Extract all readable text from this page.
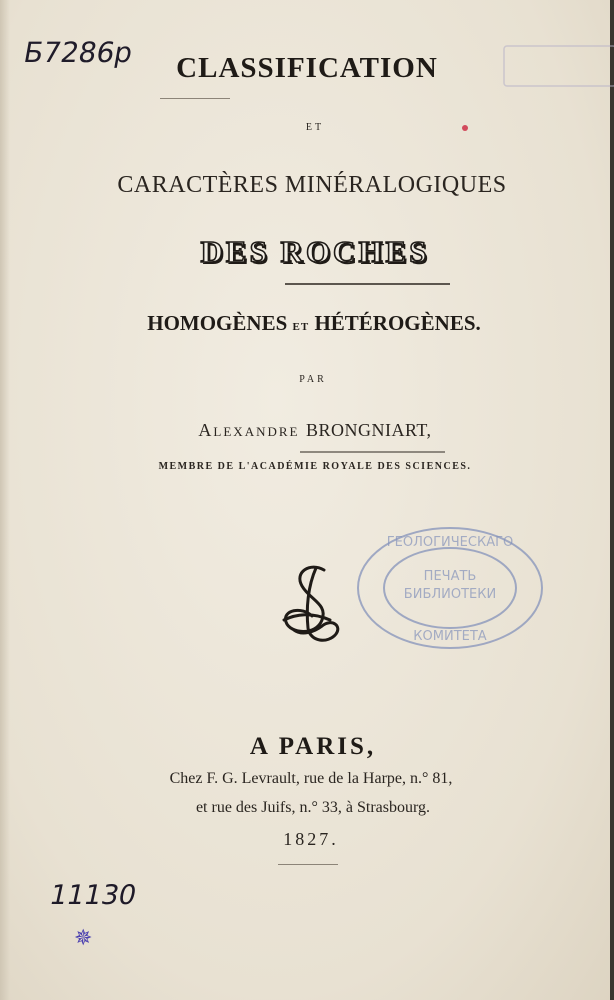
Б7286р	CLASSIFICATION
ET
CARACTÈRES MINÉRALOGIQUES
DES ROCHES
HOMOGÈNES ET HÉTÉROGÈNES.
PAR
Alexandre BRONGNIART,
MEMBRE DE L'ACADÉMIE ROYALE DES SCIENCES.
ГЕОЛОГИЧЕСКАГО
ПЕЧАТЬ
БИБЛИОТЕКИ
КОМИТЕТА
A PARIS,
Chez F. G. Levrault, rue de la Harpe, n.° 81,
et rue des Juifs, n.° 33, à Strasbourg.
1827.
11130
✵
